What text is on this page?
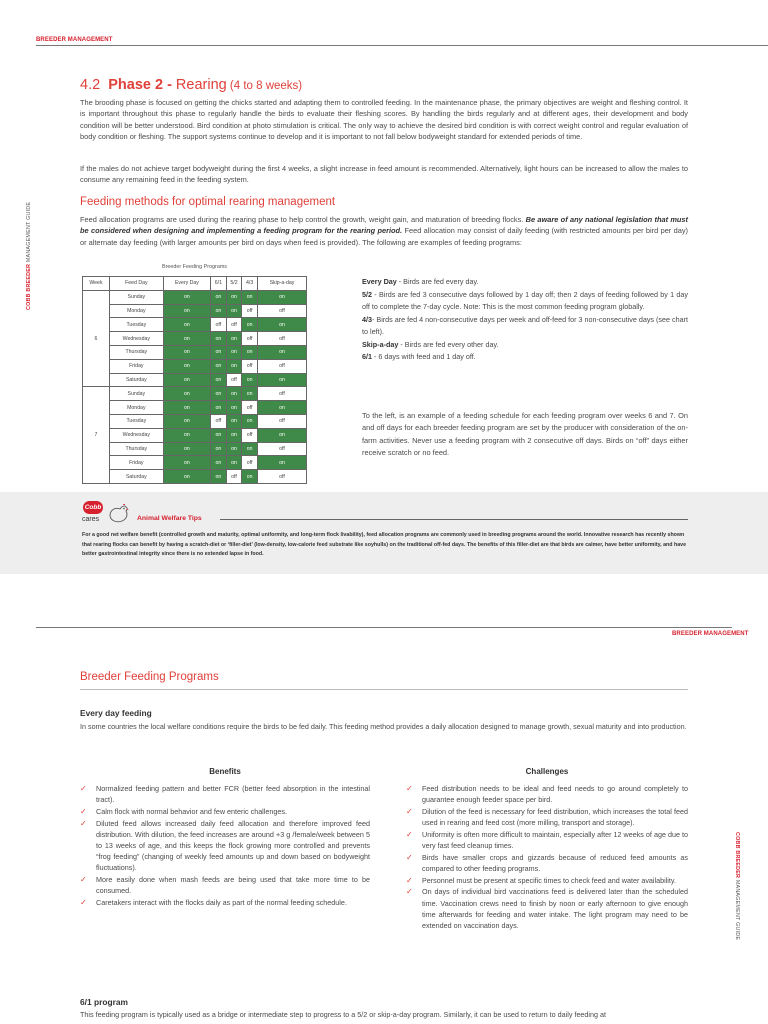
BREEDER MANAGEMENT
COBB BREEDER MANAGEMENT GUIDE
4.2 Phase 2 - Rearing (4 to 8 weeks)
The brooding phase is focused on getting the chicks started and adapting them to controlled feeding. In the maintenance phase, the primary objectives are weight and fleshing control. It is important throughout this phase to regularly handle the birds to evaluate their fleshing scores. By handling the birds regularly and at different ages, their development and body condition will be better understood. Bird condition at photo stimulation is critical. The only way to achieve the desired bird condition is with correct weight control and regular evaluation of body condition or fleshing. The support systems continue to develop and it is important to not fall below bodyweight standard for extended periods of time.
If the males do not achieve target bodyweight during the first 4 weeks, a slight increase in feed amount is recommended. Alternatively, light hours can be increased to allow the males to consume any remaining feed in the feeding system.
Feeding methods for optimal rearing management
Feed allocation programs are used during the rearing phase to help control the growth, weight gain, and maturation of breeding flocks. Be aware of any national legislation that must be considered when designing and implementing a feeding program for the rearing period. Feed allocation may consist of daily feeding (with restricted amounts per bird per day) or alternate day feeding (with larger amounts per bird on days when feed is provided). The following are examples of feeding programs:
Breeder Feeding Programs
Week	Feed Day	Every Day	6/1	5/2	4/3	Skip-a-day
6	Sunday	on	on	on	on	on
	Monday	on	on	on	off	off
	Tuesday	on	off	off	on	on
	Wednesday	on	on	on	off	off
	Thursday	on	on	on	on	on
	Friday	on	on	on	off	off
	Saturday	on	on	off	on	on
7	Sunday	on	on	on	on	off
	Monday	on	on	on	off	on
	Tuesday	on	off	on	on	off
	Wednesday	on	on	on	off	on
	Thursday	on	on	on	on	off
	Friday	on	on	on	off	on
	Saturday	on	on	off	on	off

Every Day - Birds are fed every day.

5/2 - Birds are fed 3 consecutive days followed by 1 day off; then 2 days of feeding followed by 1 day off to complete the 7-day cycle. Note: This is the most common feeding program globally.

4/3- Birds are fed 4 non-consecutive days per week and off-feed for 3 non-consecutive days (see chart to left).

Skip-a-day - Birds are fed every other day.

6/1 - 6 days with feed and 1 day off.

To the left, is an example of a feeding schedule for each feeding program over weeks 6 and 7. On and off days for each breeder feeding program are set by the producer with consideration of the on-farm activities. Never use a feeding program with 2 consecutive off days. Birds on “off” days either receive scratch or no feed.
Cobb
cares	Animal Welfare Tips
For a good net welfare benefit (controlled growth and maturity, optimal uniformity, and long-term flock livability), feed allocation programs are commonly used in breeding programs around the world. Innovative research has recently shown that rearing flocks can benefit by having a scratch-diet or ‘filler-diet’ (low-density, low-calorie feed substrate like soyhulls) on the traditional off-fed days. The benefits of this filler-diet are that birds are calmer, have better uniformity, and have better gastrointestinal integrity since there is no extended lapse in food.
BREEDER MANAGEMENT
COBB BREEDER MANAGEMENT GUIDE
Breeder Feeding Programs
Every day feeding
In some countries the local welfare conditions require the birds to be fed daily. This feeding method provides a daily allocation designed to manage growth, sexual maturity and into production.
Benefits
✓ Normalized feeding pattern and better FCR (better feed absorption in the intestinal tract).
✓ Calm flock with normal behavior and few enteric challenges.
✓ Diluted feed allows increased daily feed allocation and therefore improved feed distribution. With dilution, the feed increases are around +3 g /female/week between 5 to 13 weeks of age, and this keeps the flock growing more controlled and prevents “frog feeding” (changing of weekly feed amounts up and down based on bodyweight fluctuations).
✓ More easily done when mash feeds are being used that take more time to be consumed.
✓ Caretakers interact with the flocks daily as part of the normal feeding schedule.
Challenges
✓ Feed distribution needs to be ideal and feed needs to go around completely to guarantee enough feeder space per bird.
✓ Dilution of the feed is necessary for feed distribution, which increases the total feed used in rearing and feed cost (more milling, transport and storage).
✓ Uniformity is often more difficult to maintain, especially after 12 weeks of age due to very fast feed cleanup times.
✓ Birds have smaller crops and gizzards because of reduced feed amounts as compared to other feeding programs.
✓ Personnel must be present at specific times to check feed and water availability.
✓ On days of individual bird vaccinations feed is delivered later than the scheduled time. Vaccination crews need to finish by noon or early afternoon to give enough time afterwards for feeding and water intake. The light program may need to be extended on vaccination days.
6/1 program
This feeding program is typically used as a bridge or intermediate step to progress to a 5/2 or skip-a-day program. Similarly, it can be used to return to daily feeding at
